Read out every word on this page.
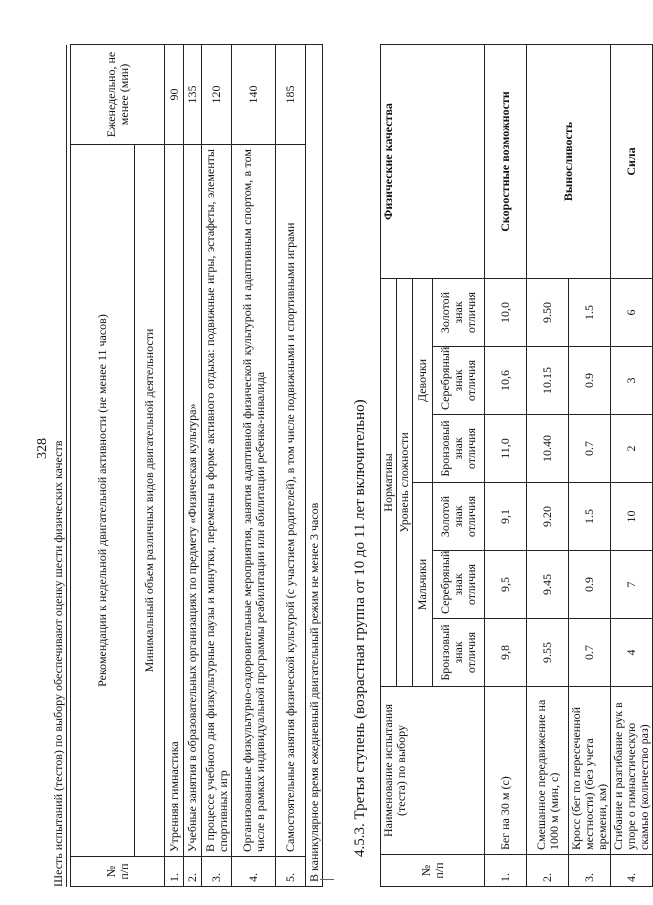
328 Шесть испытаний (тестов) по выбору обеспечивают оценку шести физических качеств	№ п/п	Рекомендации к недельной двигательной активности (не менее 11 часов)	Еженедельно, не менее (мин)
	Минимальный объем различных видов двигательной деятельности	
1.	Утренняя гимнастика	90
2.	Учебные занятия в образовательных организациях по предмету «Физическая культура»	135
3.	В процессе учебного дня физкультурные паузы и минутки, перемены в форме активного отдыха: подвижные игры, эстафеты, элементы спортивных игр	120
4.	Организованные физкультурно-оздоровительные мероприятия, занятия адаптивной физической культурой и адаптивным спортом, в том числе в рамках индивидуальной программы реабилитации или абилитации ребенка-инвалида	140
5.	Самостоятельные занятия физической культурой (с участием родителей), в том числе подвижными и спортивными играми	185
В каникулярное время ежедневный двигательный режим не менее 3 часов		4.5.3. Третья ступень (возрастная группа от 10 до 11 лет включительно)
№ п/п	Наименование испытания (теста) по выбору	Нормативы						Физические качества
		Уровень сложности						
		Мальчики			Девочки			
		Бронзовый знак отличия	Серебряный знак отличия	Золотой знак отличия	Бронзовый знак отличия	Серебряный знак отличия	Золотой знак отличия	
1.	Бег на 30 м (с)	9,8	9,5	9,1	11,0	10,6	10,0	Скоростные возможности
2.	Смешанное передвижение на 1000 м (мин, с)	9.55	9.45	9.20	10.40	10.15	9.50	Выносливость
3.	Кросс (бег по пересеченной местности) (без учета времени, км)	0.7	0.9	1.5	0.7	0.9	1.5	
4.	Сгибание и разгибание рук в упоре о гимнастическую скамью (количество раз)	4	7	10	2	3	6	Сила
